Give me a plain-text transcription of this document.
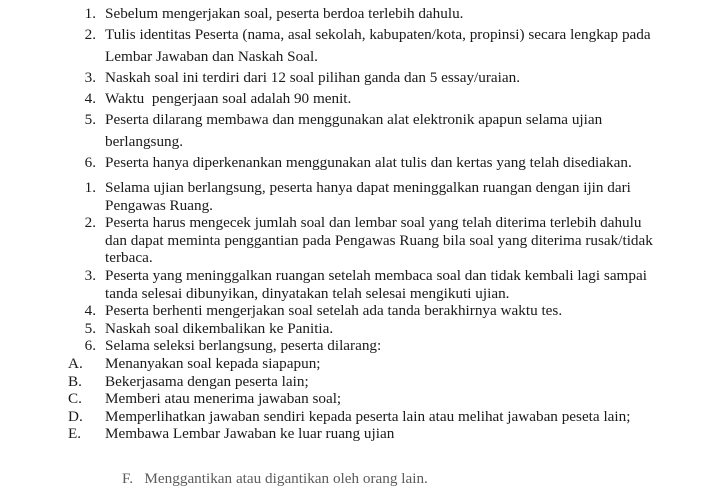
1. Sebelum mengerjakan soal, peserta berdoa terlebih dahulu.
2. Tulis identitas Peserta (nama, asal sekolah, kabupaten/kota, propinsi) secara lengkap pada Lembar Jawaban dan Naskah Soal.
3. Naskah soal ini terdiri dari 12 soal pilihan ganda dan 5 essay/uraian.
4. Waktu  pengerjaan soal adalah 90 menit.
5. Peserta dilarang membawa dan menggunakan alat elektronik apapun selama ujian berlangsung.
6. Peserta hanya diperkenankan menggunakan alat tulis dan kertas yang telah disediakan.
1. Selama ujian berlangsung, peserta hanya dapat meninggalkan ruangan dengan ijin dari Pengawas Ruang.
2. Peserta harus mengecek jumlah soal dan lembar soal yang telah diterima terlebih dahulu dan dapat meminta penggantian pada Pengawas Ruang bila soal yang diterima rusak/tidak terbaca.
3. Peserta yang meninggalkan ruangan setelah membaca soal dan tidak kembali lagi sampai tanda selesai dibunyikan, dinyatakan telah selesai mengikuti ujian.
4. Peserta berhenti mengerjakan soal setelah ada tanda berakhirnya waktu tes.
5. Naskah soal dikembalikan ke Panitia.
6. Selama seleksi berlangsung, peserta dilarang:
A.	Menanyakan soal kepada siapapun;
B.	Bekerjasama dengan peserta lain;
C.	Memberi atau menerima jawaban soal;
D.	Memperlihatkan jawaban sendiri kepada peserta lain atau melihat jawaban peseta lain;
E.	Membawa Lembar Jawaban ke luar ruang ujian
F.   Menggantikan atau digantikan oleh orang lain.
